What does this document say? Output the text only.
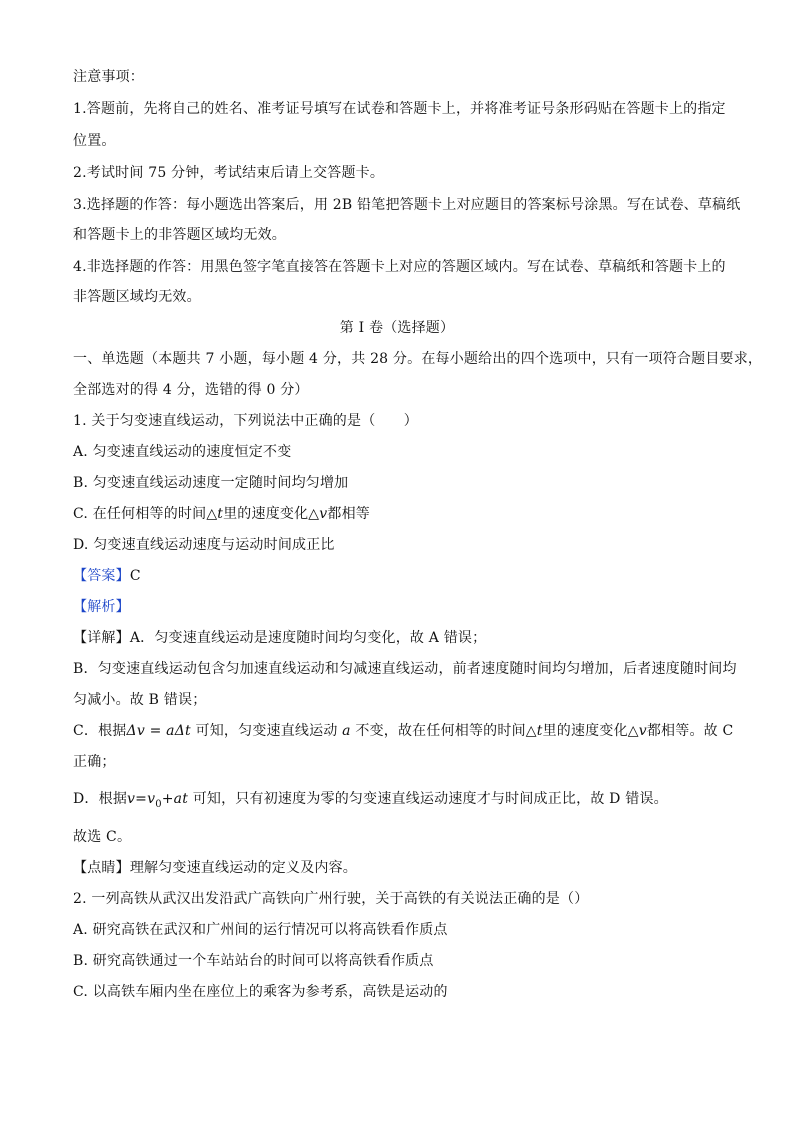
注意事项：
1.答题前，先将自己的姓名、准考证号填写在试卷和答题卡上，并将准考证号条形码贴在答题卡上的指定
位置。
2.考试时间 75 分钟，考试结束后请上交答题卡。
3.选择题的作答：每小题选出答案后，用 2B 铅笔把答题卡上对应题目的答案标号涂黑。写在试卷、草稿纸
和答题卡上的非答题区域均无效。
4.非选择题的作答：用黑色签字笔直接答在答题卡上对应的答题区域内。写在试卷、草稿纸和答题卡上的
非答题区域均无效。
第 I 卷（选择题）
一、单选题（本题共 7 小题，每小题 4 分，共 28 分。在每小题给出的四个选项中，只有一项符合题目要求，
全部选对的得 4 分，选错的得 0 分）
1. 关于匀变速直线运动，下列说法中正确的是（　　）
A. 匀变速直线运动的速度恒定不变
B. 匀变速直线运动速度一定随时间均匀增加
C. 在任何相等的时间△t里的速度变化△v都相等
D. 匀变速直线运动速度与运动时间成正比
【答案】C
【解析】
【详解】A．匀变速直线运动是速度随时间均匀变化，故 A 错误；
B．匀变速直线运动包含匀加速直线运动和匀减速直线运动，前者速度随时间均匀增加，后者速度随时间均
匀减小。故 B 错误；
C．根据Δv = aΔt 可知，匀变速直线运动 a 不变，故在任何相等的时间△t里的速度变化△v都相等。故 C
正确；
D．根据$v=v_0+at$ 可知，只有初速度为零的匀变速直线运动速度才与时间成正比，故 D 错误。
故选 C。
【点睛】理解匀变速直线运动的定义及内容。
2. 一列高铁从武汉出发沿武广高铁向广州行驶，关于高铁的有关说法正确的是（）
A. 研究高铁在武汉和广州间的运行情况可以将高铁看作质点
B. 研究高铁通过一个车站站台的时间可以将高铁看作质点
C. 以高铁车厢内坐在座位上的乘客为参考系，高铁是运动的
